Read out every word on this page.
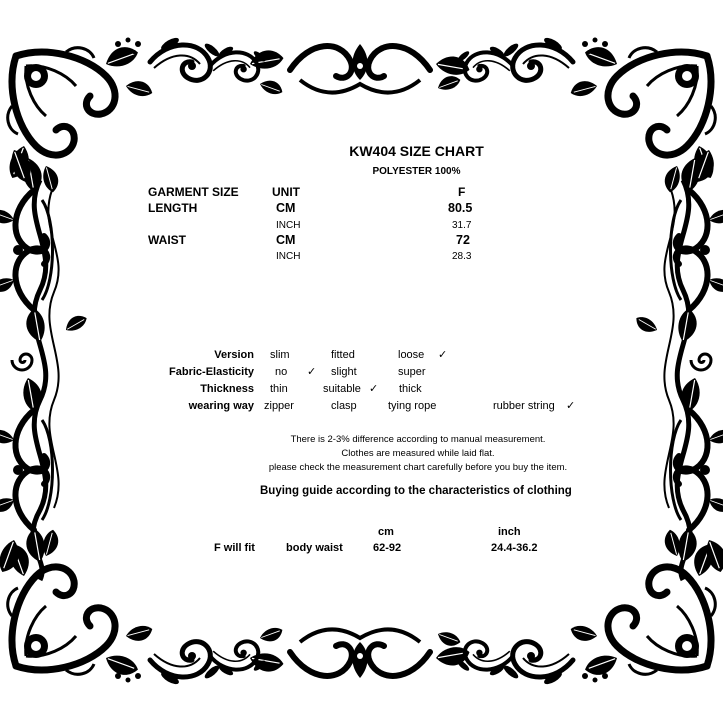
KW404 SIZE CHART
POLYESTER 100%
GARMENT SIZE	UNIT	F
LENGTH	CM	80.5
INCH	31.7
WAIST	CM	72
INCH	28.3
Version slim	fitted	loose ✓
Fabric-Elasticity no ✓ slight	super
Thickness thin	suitable ✓ thick
wearing way zipper	clasp	tying rope	rubber string ✓
There is 2-3% difference according to manual measurement.
Clothes are measured while laid flat.
please check the measurement chart carefully before you buy the item.
Buying guide according to the characteristics of clothing
cm	inch
F will fit	body waist	62-92	24.4-36.2
